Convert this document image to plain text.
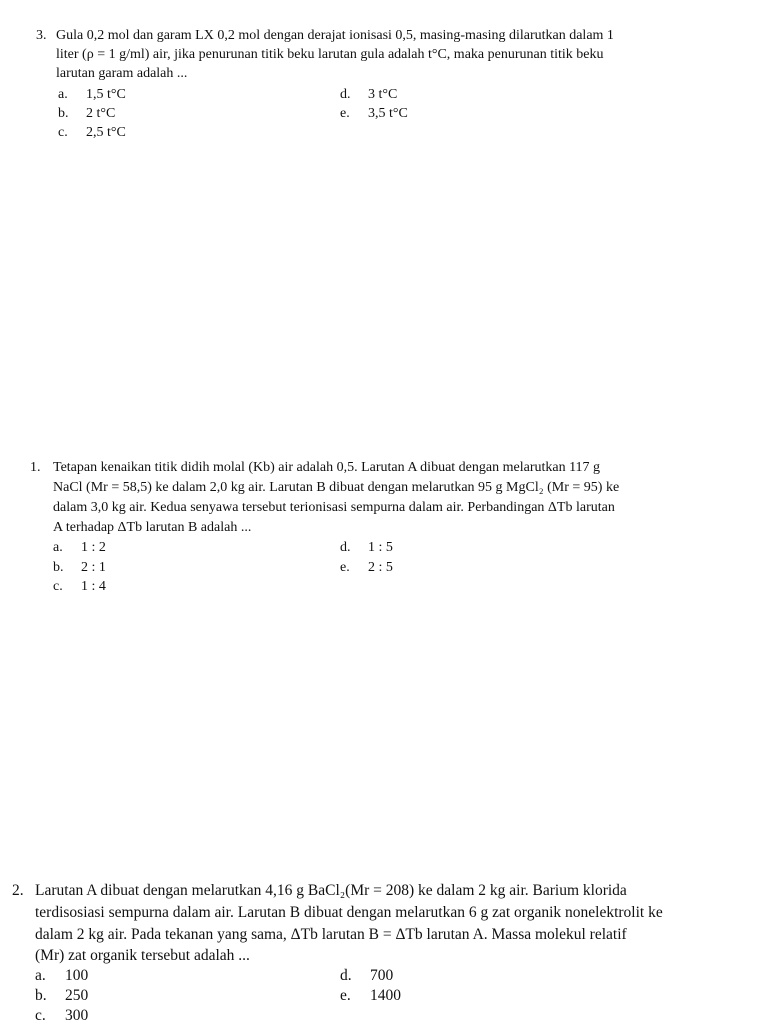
3. Gula 0,2 mol dan garam LX 0,2 mol dengan derajat ionisasi 0,5, masing-masing dilarutkan dalam 1
liter (ρ = 1 g/ml) air, jika penurunan titik beku larutan gula adalah t°C, maka penurunan titik beku
larutan garam adalah ...
a. 1,5 t°C
b. 2 t°C
c. 2,5 t°C
d. 3 t°C
e. 3,5 t°C
1. Tetapan kenaikan titik didih molal (Kb) air adalah 0,5. Larutan A dibuat dengan melarutkan 117 g
NaCl (Mr = 58,5) ke dalam 2,0 kg air. Larutan B dibuat dengan melarutkan 95 g MgCl₂ (Mr = 95) ke
dalam 3,0 kg air. Kedua senyawa tersebut terionisasi sempurna dalam air. Perbandingan ΔTb larutan
A terhadap ΔTb larutan B adalah ...
a. 1 : 2
b. 2 : 1
c. 1 : 4
d. 1 : 5
e. 2 : 5
2. Larutan A dibuat dengan melarutkan 4,16 g BaCl₂(Mr = 208) ke dalam 2 kg air. Barium klorida
terdisosiasi sempurna dalam air. Larutan B dibuat dengan melarutkan 6 g zat organik nonelektrolit ke
dalam 2 kg air. Pada tekanan yang sama, ΔTb larutan B = ΔTb larutan A. Massa molekul relatif
(Mr) zat organik tersebut adalah ...
a. 100
b. 250
c. 300
d. 700
e. 1400
